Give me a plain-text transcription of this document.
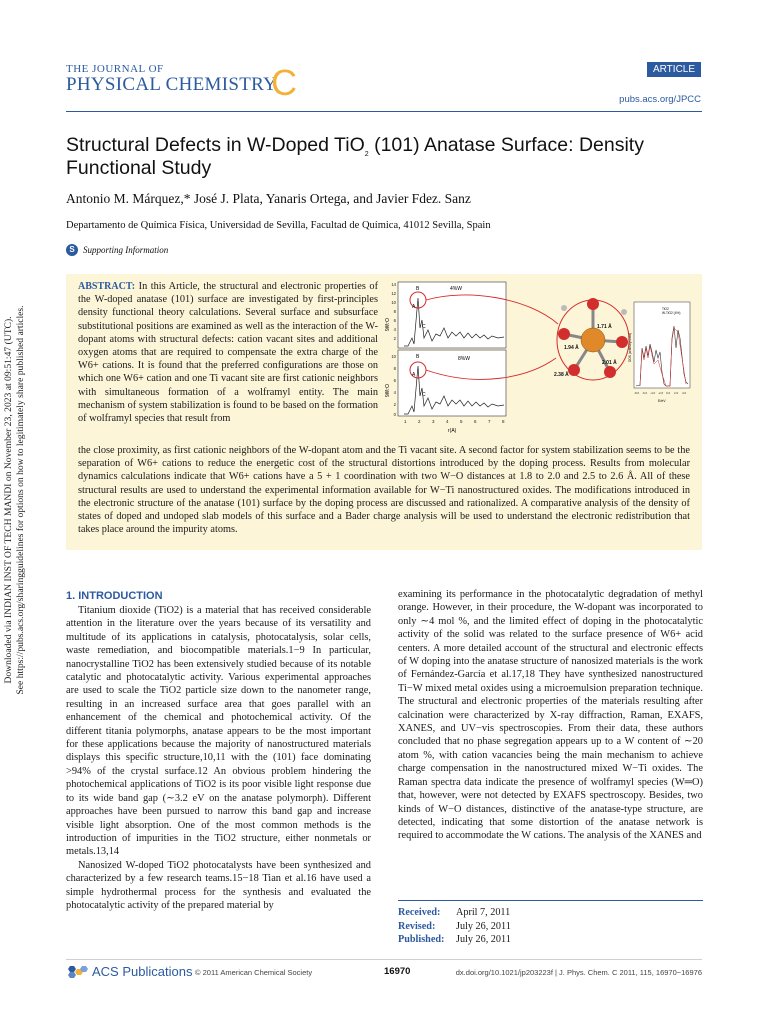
Downloaded via INDIAN INST OF TECH MANDI on November 23, 2023 at 09:51:47 (UTC). See https://pubs.acs.org/sharingguidelines for options on how to legitimately share published articles.
THE JOURNAL OF
PHYSICAL CHEMISTRY
C	ARTICLE
pubs.acs.org/JPCC
Structural Defects in W-Doped TiO$_2$ (101) Anatase Surface: Density Functional Study
Antonio M. Márquez,* José J. Plata, Yanaris Ortega, and Javier Fdez. Sanz
Departamento de Química Física, Universidad de Sevilla, Facultad de Química, 41012 Sevilla, Spain
S Supporting Information
ABSTRACT: In this Article, the structural and electronic properties of the W-doped anatase (101) surface are investigated by first-principles density functional theory calculations. Several surface and subsurface substitutional positions are examined as well as the interaction of the W-dopant atoms with structural defects: cation vacant sites and additional oxygen atoms that are required to compensate the extra charge of the W6+ cations. It is found that the preferred configurations are those on which one W6+ cation and one Ti vacant site are first cationic neighbors with simultaneous formation of a wolframyl entity. The main mechanism of system stabilization is found to be based on the formation of wolframyl species that result from
4%W
B
A
C
8%W
B
A
C
1	2	3	4	5	6	7	8
r(A)
14
12
10
8
6
4
2
10
8
6
4
2
0
O-W6
O-W6
1.71 Å
1.94 Å
2.38 Å
2.01 Å
TiO2
W-TiO2 (4%)
E/eV
DOS (arbitrary units)
-8.0 -6.0 -4.0 -2.0 0.0 2.0 4.0
the close proximity, as first cationic neighbors of the W-dopant atom and the Ti vacant site. A second factor for system stabilization seems to be the separation of W6+ cations to reduce the energetic cost of the structural distortions introduced by the doping process. Results from molecular dynamics calculations indicate that W6+ cations have a 5 + 1 coordination with two W−O distances at 1.8 to 2.0 and 2.5 to 2.6 Å. All of these structural results are used to understand the experimental information available for W−Ti nanostructured oxides. The modifications introduced in the electronic structure of the anatase (101) surface by the doping process are discussed and rationalized. A comparative analysis of the density of states of doped and undoped slab models of this surface and a Bader charge analysis will be used to understand the electronic redistribution that takes place around the impurity atoms.
1. INTRODUCTION

Titanium dioxide (TiO2) is a material that has received considerable attention in the literature over the years because of its versatility and multitude of its applications in catalysis, photocatalysis, solar cells, waste remediation, and biocompatible materials.1−9 In particular, nanocrystalline TiO2 has been extensively studied because of its notable catalytic and photocatalytic activity. Various experimental approaches are used to scale the TiO2 particle size down to the nanometer range, resulting in an increased surface area that goes parallel with an enhancement of the chemical and photochemical activity. Of the different titania polymorphs, anatase appears to be the most important for these applications because the majority of nanostructured materials displays this specific structure,10,11 with the (101) face dominating >94% of the crystal surface.12 An obvious problem hindering the photochemical applications of TiO2 is its poor visible light response due to its wide band gap (∼3.2 eV on the anatase polymorph). Different approaches have been pursued to narrow this band gap and increase visible light absorption. One of the most common methods is the introduction of impurities in the TiO2 structure, either nonmetals or metals.13,14

Nanosized W-doped TiO2 photocatalysts have been synthesized and characterized by a few research teams.15−18 Tian et al.16 have used a simple hydrothermal process for the synthesis and evaluated the photocatalytic activity of the prepared material by

examining its performance in the photocatalytic degradation of methyl orange. However, in their procedure, the W-dopant was incorporated to only ∼4 mol %, and the limited effect of doping in the photocatalytic activity of the solid was related to the surface presence of W6+ acid centers. A more detailed account of the structural and electronic effects of W doping into the anatase structure of nanosized materials is the work of Fernández-García et al.17,18 They have synthesized nanostructured Ti−W mixed metal oxides using a microemulsion preparation technique. The structural and electronic properties of the materials resulting after calcination were characterized by X-ray diffraction, Raman, EXAFS, XANES, and UV−vis spectroscopies. From their data, these authors concluded that no phase segregation appears up to a W content of ∼20 atom %, with cation vacancies being the main mechanism to achieve charge compensation in the nanostructured mixed W−Ti oxides. The Raman spectra data indicate the presence of wolframyl species (W═O) that, however, were not detected by EXAFS spectroscopy. Besides, two kinds of W−O distances, distinctive of the anatase-type structure, are detected, indicating that some distortion of the anatase network is required to accommodate the W cations. The analysis of the XANES and

Received: April 7, 2011
Revised: July 26, 2011
Published: July 26, 2011
ACS Publications © 2011 American Chemical Society	16970	dx.doi.org/10.1021/jp203223f | J. Phys. Chem. C 2011, 115, 16970−16976
